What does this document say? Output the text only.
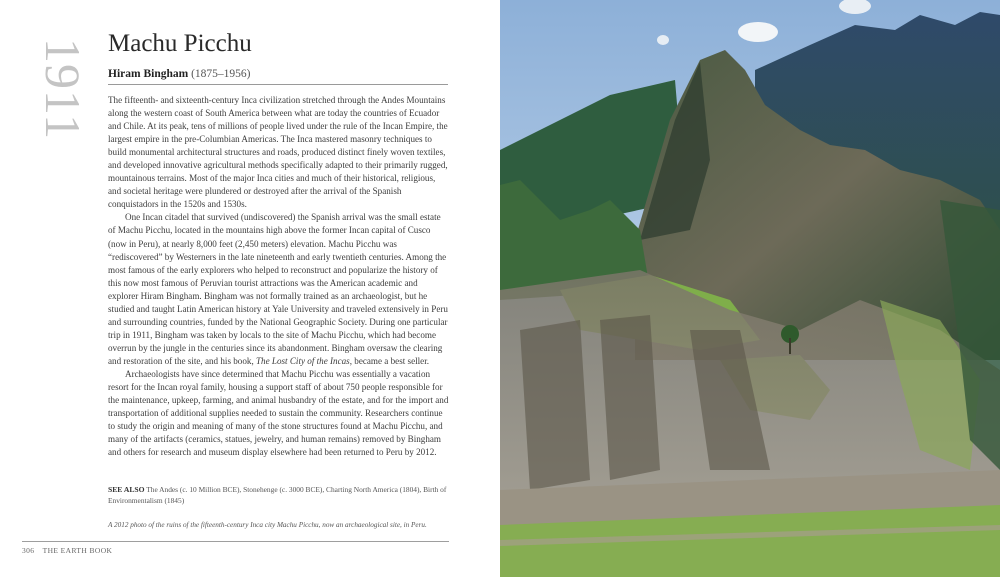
1911 Machu Picchu
Hiram Bingham (1875–1956)

The fifteenth- and sixteenth-century Inca civilization stretched through the Andes Mountains along the western coast of South America between what are today the countries of Ecuador and Chile. At its peak, tens of millions of people lived under the rule of the Incan Empire, the largest empire in the pre-Columbian Americas. The Inca mastered masonry techniques to build monumental architectural structures and roads, produced distinct finely woven textiles, and developed innovative agricultural methods specifically adapted to their primarily rugged, mountainous terrains. Most of the major Inca cities and much of their historical, religious, and societal heritage were plundered or destroyed after the arrival of the Spanish conquistadors in the 1520s and 1530s.

One Incan citadel that survived (undiscovered) the Spanish arrival was the small estate of Machu Picchu, located in the mountains high above the former Incan capital of Cusco (now in Peru), at nearly 8,000 feet (2,450 meters) elevation. Machu Picchu was “rediscovered” by Westerners in the late nineteenth and early twentieth centuries. Among the most famous of the early explorers who helped to reconstruct and popularize the history of this now most famous of Peruvian tourist attractions was the American academic and explorer Hiram Bingham. Bingham was not formally trained as an archaeologist, but he studied and taught Latin American history at Yale University and traveled extensively in Peru and surrounding countries, funded by the National Geographic Society. During one particular trip in 1911, Bingham was taken by locals to the site of Machu Picchu, which had become overrun by the jungle in the centuries since its abandonment. Bingham oversaw the clearing and restoration of the site, and his book, The Lost City of the Incas, became a best seller.

Archaeologists have since determined that Machu Picchu was essentially a vacation resort for the Incan royal family, housing a support staff of about 750 people responsible for the maintenance, upkeep, farming, and animal husbandry of the estate, and for the import and transportation of additional supplies needed to sustain the community. Researchers continue to study the origin and meaning of many of the stone structures found at Machu Picchu, and many of the artifacts (ceramics, statues, jewelry, and human remains) removed by Bingham and others for research and museum display elsewhere had been returned to Peru by 2012.

SEE ALSO The Andes (c. 10 Million BCE), Stonehenge (c. 3000 BCE), Charting North America (1804), Birth of Environmentalism (1845)
A 2012 photo of the ruins of the fifteenth-century Inca city Machu Picchu, now an archaeological site, in Peru.
306 THE EARTH BOOK
